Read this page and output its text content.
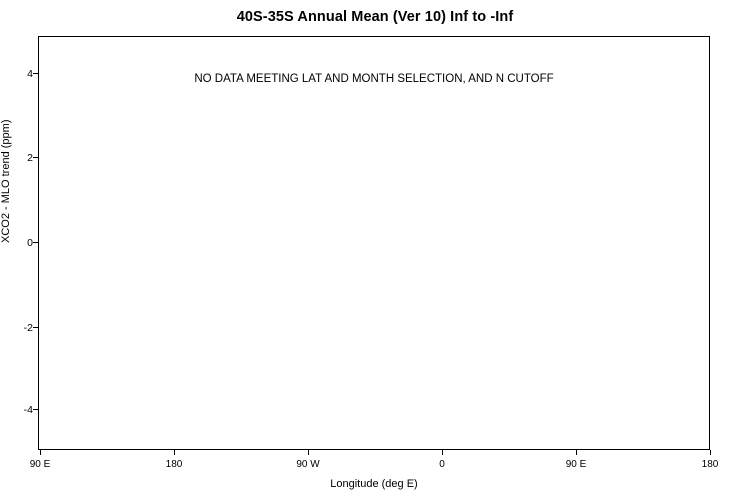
40S-35S Annual Mean (Ver 10) Inf to -Inf
NO DATA MEETING LAT AND MONTH SELECTION, AND N CUTOFF
XCO2 - MLO trend (ppm)
-4
-2
0
2
4
90 E	180	90 W	0	90 E	180
Longitude (deg E)
